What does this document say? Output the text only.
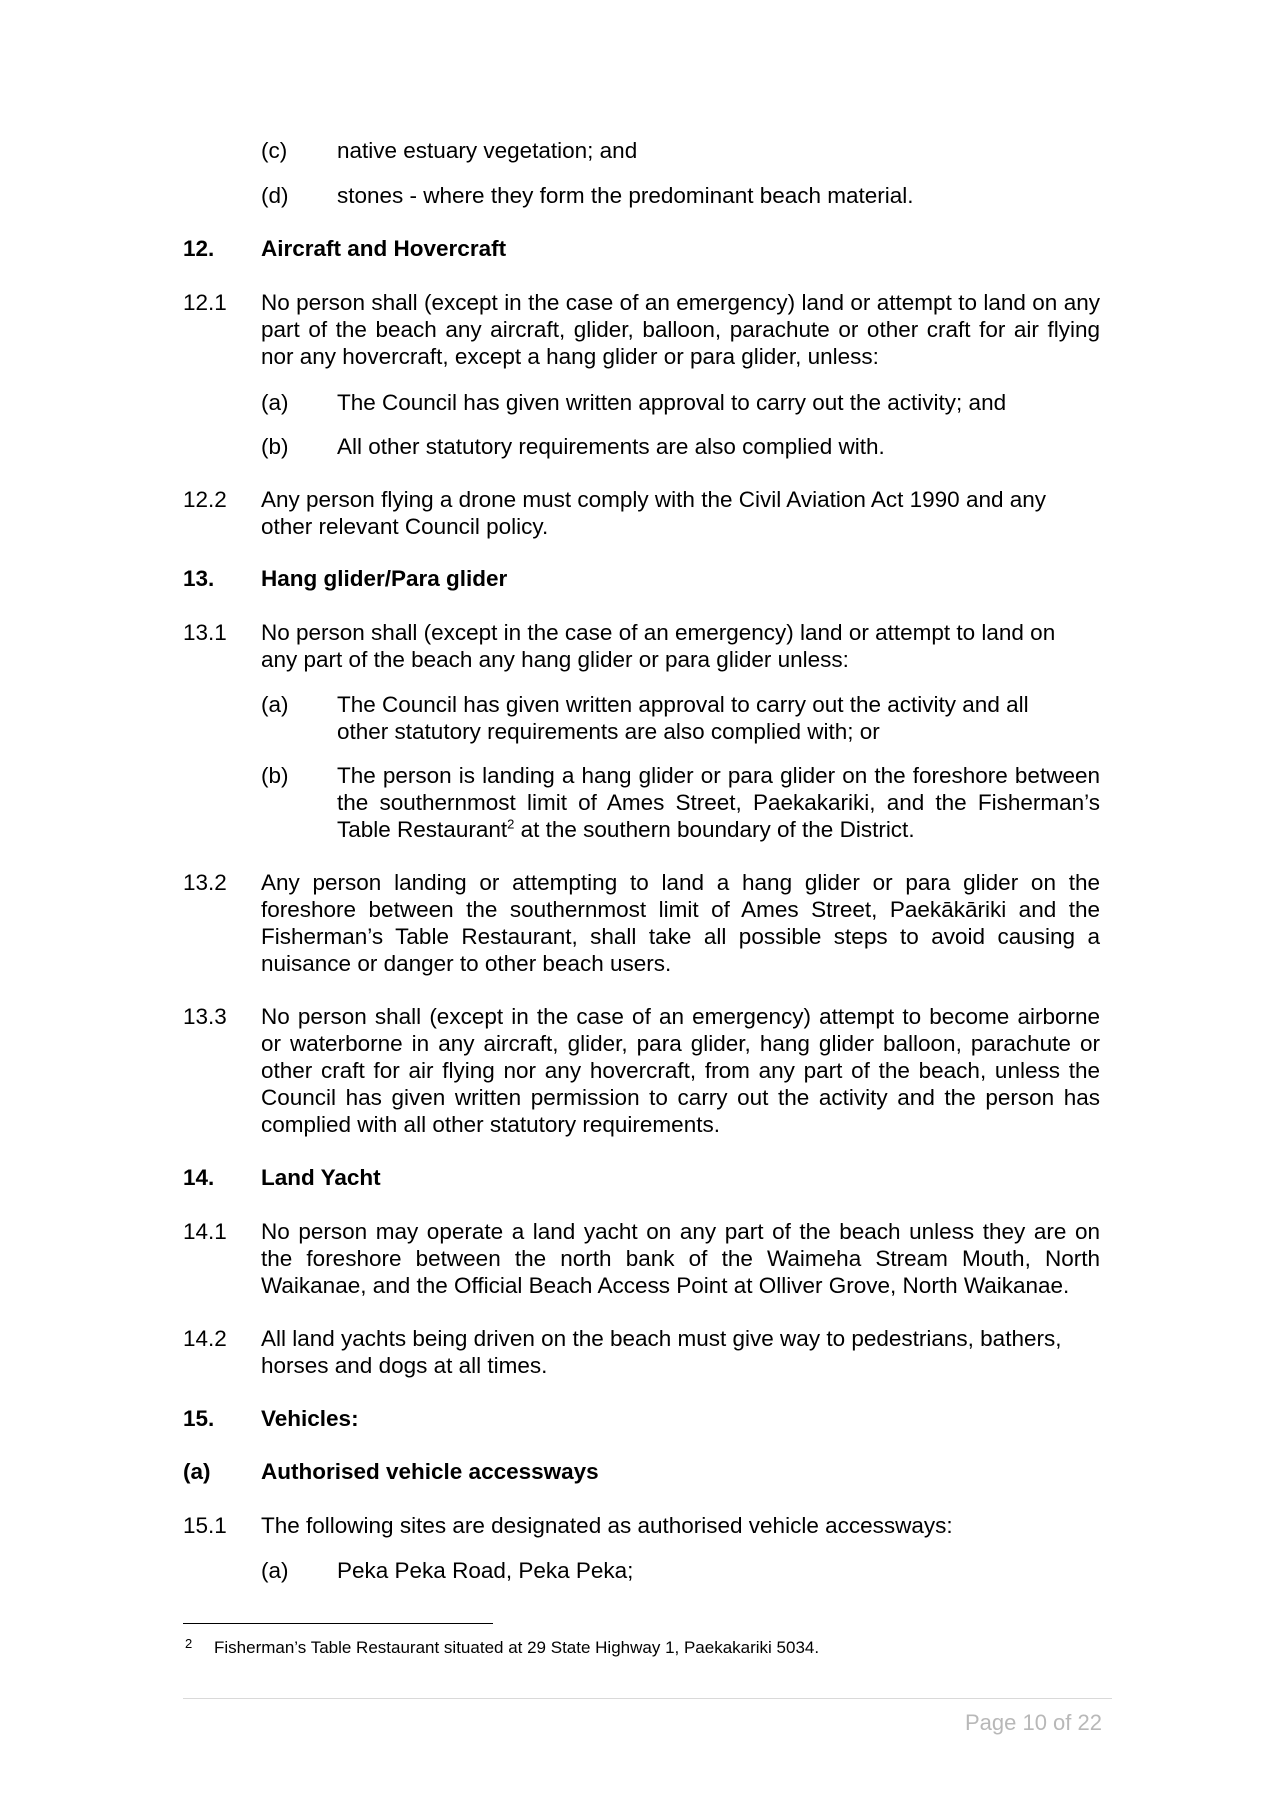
(c) native estuary vegetation; and
(d) stones - where they form the predominant beach material.
12. Aircraft and Hovercraft
12.1 No person shall (except in the case of an emergency) land or attempt to land on any part of the beach any aircraft, glider, balloon, parachute or other craft for air flying nor any hovercraft, except a hang glider or para glider, unless:
(a) The Council has given written approval to carry out the activity; and
(b) All other statutory requirements are also complied with.
12.2 Any person flying a drone must comply with the Civil Aviation Act 1990 and any other relevant Council policy.
13. Hang glider/Para glider
13.1 No person shall (except in the case of an emergency) land or attempt to land on any part of the beach any hang glider or para glider unless:
(a) The Council has given written approval to carry out the activity and all other statutory requirements are also complied with; or
(b) The person is landing a hang glider or para glider on the foreshore between the southernmost limit of Ames Street, Paekakariki, and the Fisherman’s Table Restaurant$^2$ at the southern boundary of the District.
13.2 Any person landing or attempting to land a hang glider or para glider on the foreshore between the southernmost limit of Ames Street, Paekākāriki and the Fisherman’s Table Restaurant, shall take all possible steps to avoid causing a nuisance or danger to other beach users.
13.3 No person shall (except in the case of an emergency) attempt to become airborne or waterborne in any aircraft, glider, para glider, hang glider balloon, parachute or other craft for air flying nor any hovercraft, from any part of the beach, unless the Council has given written permission to carry out the activity and the person has complied with all other statutory requirements.
14. Land Yacht
14.1 No person may operate a land yacht on any part of the beach unless they are on the foreshore between the north bank of the Waimeha Stream Mouth, North Waikanae, and the Official Beach Access Point at Olliver Grove, North Waikanae.
14.2 All land yachts being driven on the beach must give way to pedestrians, bathers, horses and dogs at all times.
15. Vehicles:
(a) Authorised vehicle accessways
15.1 The following sites are designated as authorised vehicle accessways:
(a) Peka Peka Road, Peka Peka;
2 Fisherman’s Table Restaurant situated at 29 State Highway 1, Paekakariki 5034.
Page 10 of 22
